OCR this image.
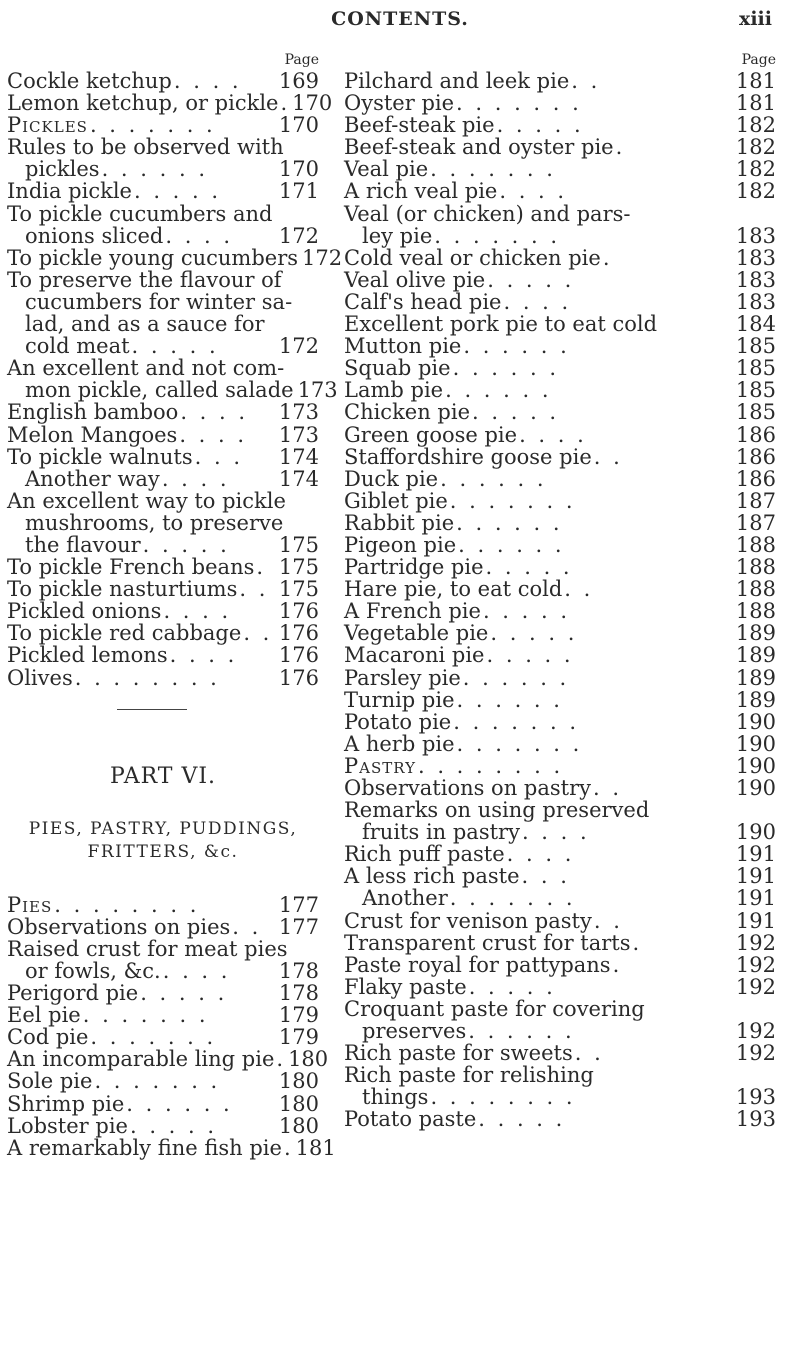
CONTENTS.	xiii
Page
Cockle ketchup . . . .	169
Lemon ketchup, or pickle . 170
Pickles . . . . . . .	170
Rules to be observed with
pickles . . . . . .	170
India pickle . . . . .	171
To pickle cucumbers and
onions sliced . . . .	172
To pickle young cucumbers 172
To preserve the flavour of
cucumbers for winter sa-
lad, and as a sauce for
cold meat . . . . .	172
An excellent and not com-
mon pickle, called salade 173
English bamboo . . . .	173
Melon Mangoes . . . .	173
To pickle walnuts . . .	174
Another way . . . .	174
An excellent way to pickle
mushrooms, to preserve
the flavour . . . . .	175
To pickle French beans . 175
To pickle nasturtiums . . 175
Pickled onions . . . .	176
To pickle red cabbage . . 176
Pickled lemons . . . .	176
Olives . . . . . . . .	176
PART VI.
PIES, PASTRY, PUDDINGS,
FRITTERS, &c.
Pies . . . . . . . .	177
Observations on pies . . 177
Raised crust for meat pies
or fowls, &c. . . . .	178
Perigord pie . . . . .	178
Eel pie . . . . . . .	179
Cod pie . . . . . . .	179
An incomparable ling pie . 180
Sole pie . . . . . . .	180
Shrimp pie . . . . . .	180
Lobster pie . . . . .	180
A remarkably fine fish pie . 181
Page
Pilchard and leek pie . .	181
Oyster pie . . . . . . .	181
Beef-steak pie . . . . .	182
Beef-steak and oyster pie .	182
Veal pie . . . . . . .	182
A rich veal pie . . . .	182
Veal (or chicken) and pars-
ley pie . . . . . . .	183
Cold veal or chicken pie .	183
Veal olive pie . . . . .	183
Calf's head pie . . . .	183
Excellent pork pie to eat cold	184
Mutton pie . . . . . .	185
Squab pie . . . . . .	185
Lamb pie . . . . . .	185
Chicken pie . . . . .	185
Green goose pie . . . .	186
Staffordshire goose pie . .	186
Duck pie . . . . . .	186
Giblet pie . . . . . . .	187
Rabbit pie . . . . . .	187
Pigeon pie . . . . . .	188
Partridge pie . . . . .	188
Hare pie, to eat cold . .	188
A French pie . . . . .	188
Vegetable pie . . . . .	189
Macaroni pie . . . . .	189
Parsley pie . . . . . .	189
Turnip pie . . . . . .	189
Potato pie . . . . . . .	190
A herb pie . . . . . . .	190
Pastry . . . . . . . .	190
Observations on pastry . .	190
Remarks on using preserved
fruits in pastry . . . .	190
Rich puff paste . . . .	191
A less rich paste . . .	191
Another . . . . . . .	191
Crust for venison pasty . .	191
Transparent crust for tarts .	192
Paste royal for pattypans .	192
Flaky paste . . . . .	192
Croquant paste for covering
preserves . . . . . .	192
Rich paste for sweets . .	192
Rich paste for relishing
things . . . . . . . .	193
Potato paste . . . . .	193
